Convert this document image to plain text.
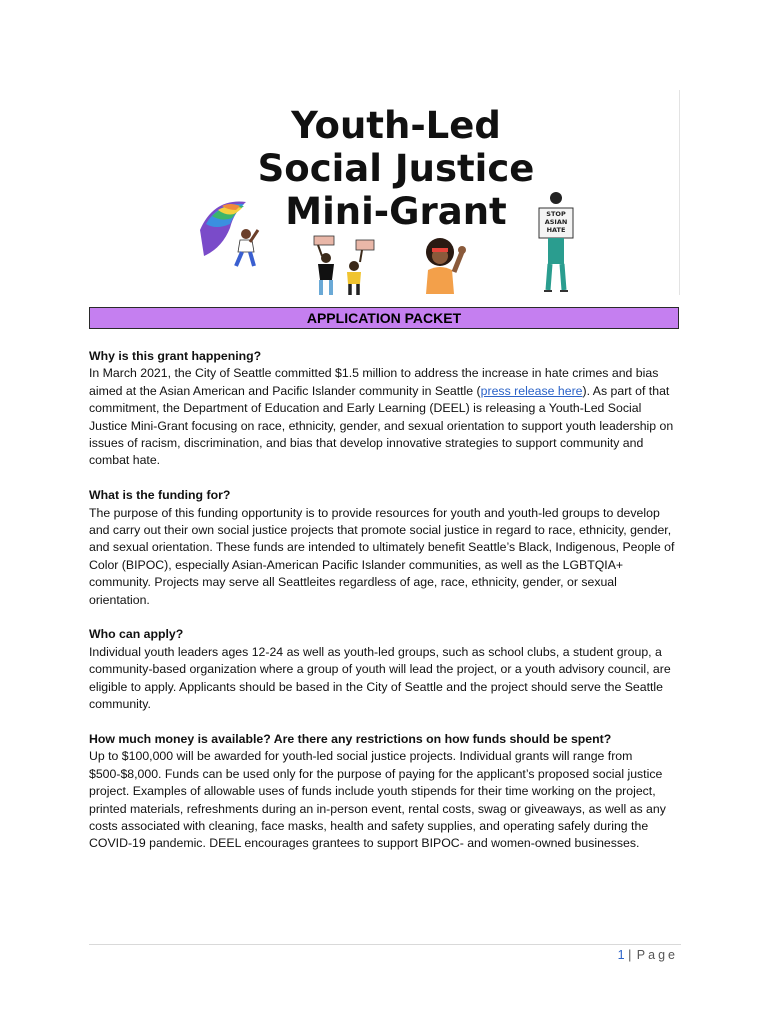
Youth-Led
Social Justice
Mini-Grant	STOP
ASIAN
HATE
APPLICATION PACKET

Why is this grant happening?

In March 2021, the City of Seattle committed $1.5 million to address the increase in hate crimes and bias aimed at the Asian American and Pacific Islander community in Seattle (press release here). As part of that commitment, the Department of Education and Early Learning (DEEL) is releasing a Youth-Led Social Justice Mini-Grant focusing on race, ethnicity, gender, and sexual orientation to support youth leadership on issues of racism, discrimination, and bias that develop innovative strategies to support community and combat hate.

What is the funding for?

The purpose of this funding opportunity is to provide resources for youth and youth-led groups to develop and carry out their own social justice projects that promote social justice in regard to race, ethnicity, gender, and sexual orientation. These funds are intended to ultimately benefit Seattle’s Black, Indigenous, People of Color (BIPOC), especially Asian-American Pacific Islander communities, as well as the LGBTQIA+ community. Projects may serve all Seattleites regardless of age, race, ethnicity, gender, or sexual orientation.

Who can apply?

Individual youth leaders ages 12-24 as well as youth-led groups, such as school clubs, a student group, a community-based organization where a group of youth will lead the project, or a youth advisory council, are eligible to apply. Applicants should be based in the City of Seattle and the project should serve the Seattle community.

How much money is available? Are there any restrictions on how funds should be spent?

Up to $100,000 will be awarded for youth-led social justice projects. Individual grants will range from $500-$8,000. Funds can be used only for the purpose of paying for the applicant’s proposed social justice project. Examples of allowable uses of funds include youth stipends for their time working on the project, printed materials, refreshments during an in-person event, rental costs, swag or giveaways, as well as any costs associated with cleaning, face masks, health and safety supplies, and operating safely during the COVID-19 pandemic. DEEL encourages grantees to support BIPOC- and women-owned businesses.

1 | Page
